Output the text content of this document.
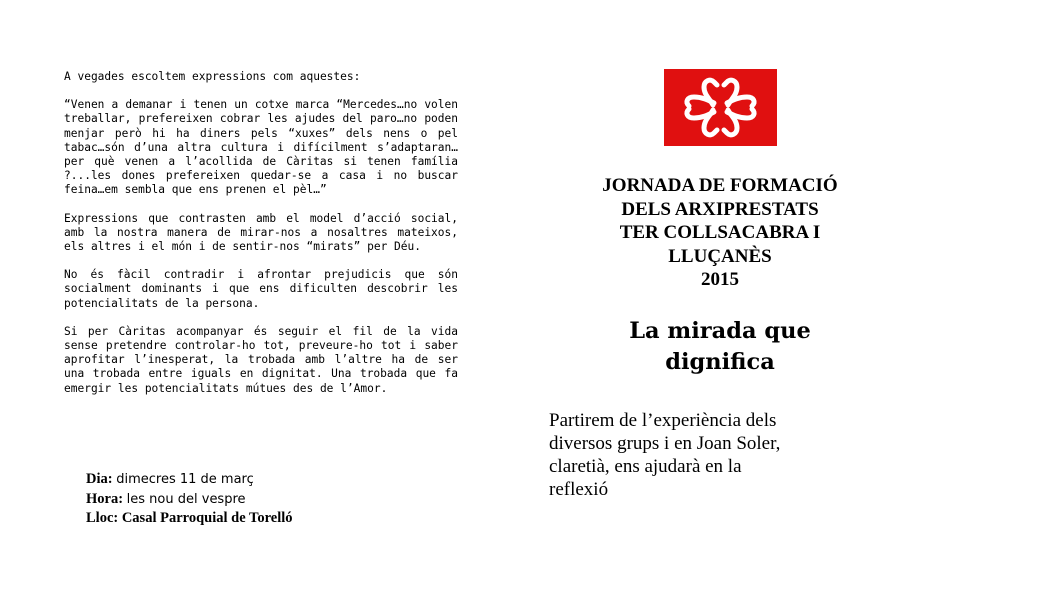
A vegades escoltem expressions com aquestes:

“Venen a demanar i tenen un cotxe marca “Mercedes…no volen treballar, prefereixen cobrar les ajudes del paro…no poden menjar però hi ha diners pels “xuxes” dels nens o pel tabac…són d’una altra cultura i difícilment s’adaptaran…per què venen a l’acollida de Càritas si tenen família ?...les dones prefereixen quedar-se a casa i no buscar feina…em sembla que ens prenen el pèl…”

Expressions que contrasten amb el model d’acció social, amb la nostra manera de mirar-nos a nosaltres mateixos, els altres i el món i de sentir-nos “mirats” per Déu.

No és fàcil contradir i afrontar prejudicis que són socialment dominants i que ens dificulten descobrir les potencialitats de la persona.

Si per Càritas acompanyar és seguir el fil de la vida sense pretendre controlar-ho tot, preveure-ho tot i saber aprofitar l’inesperat, la trobada amb l’altre ha de ser una trobada entre iguals en dignitat. Una trobada que fa emergir les potencialitats mútues des de l’Amor.

Dia: dimecres 11 de març
Hora: les nou del vespre
Lloc: Casal Parroquial de Torelló
JORNADA DE FORMACIÓ
DELS ARXIPRESTATS
TER COLLSACABRA I
LLUÇANÈS
2015
La mirada que
dignifica
Partirem de l’experiència dels
diversos grups i en Joan Soler,
claretià, ens ajudarà en la
reflexió
